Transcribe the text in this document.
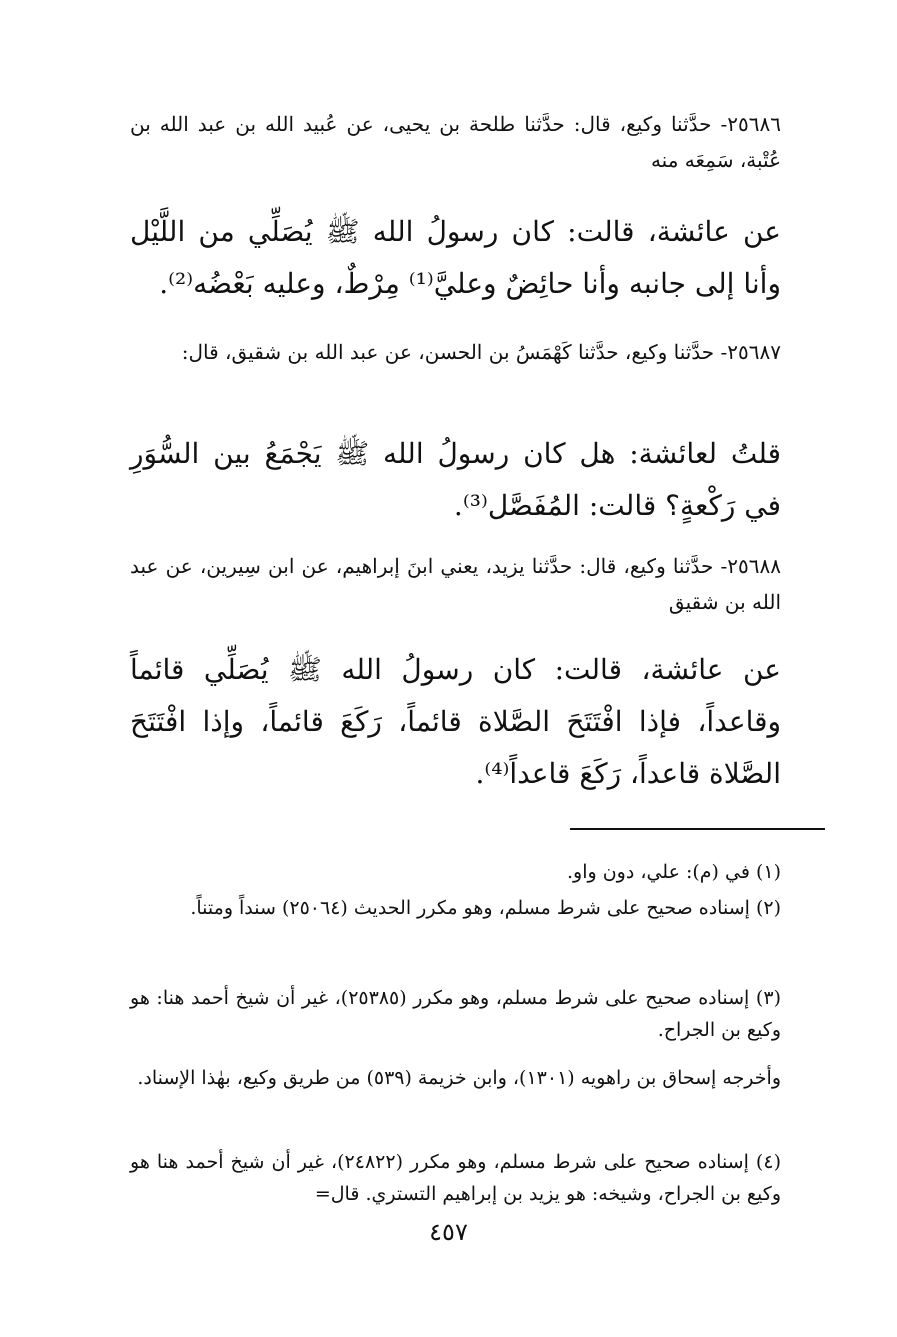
٢٥٦٨٦- حدَّثنا وكيع، قال: حدَّثنا طلحة بن يحيى، عن عُبيد الله بن عبد الله بن عُتْبة، سَمِعَه منه

عن عائشة، قالت: كان رسولُ الله ﷺ يُصَلِّي من اللَّيْل وأنا إلى جانبه وأنا حائِضٌ وعليَّ⁽¹⁾ مِرْطٌ، وعليه بَعْضُه⁽²⁾.

٢٥٦٨٧- حدَّثنا وكيع، حدَّثنا كَهْمَسُ بن الحسن، عن عبد الله بن شقيق، قال:

قلتُ لعائشة: هل كان رسولُ الله ﷺ يَجْمَعُ بين السُّوَرِ في رَكْعةٍ؟ قالت: المُفَصَّل⁽³⁾.

٢٥٦٨٨- حدَّثنا وكيع، قال: حدَّثنا يزيد، يعني ابنَ إبراهيم، عن ابن سِيرين، عن عبد الله بن شقيق

عن عائشة، قالت: كان رسولُ الله ﷺ يُصَلِّي قائماً وقاعداً، فإذا افْتَتَحَ الصَّلاة قائماً، رَكَعَ قائماً، وإذا افْتَتَحَ الصَّلاة قاعداً، رَكَعَ قاعداً⁽⁴⁾.

(١) في (م): علي، دون واو.

(٢) إسناده صحيح على شرط مسلم، وهو مكرر الحديث (٢٥٠٦٤) سنداً ومتناً.

(٣) إسناده صحيح على شرط مسلم، وهو مكرر (٢٥٣٨٥)، غير أن شيخ أحمد هنا: هو وكيع بن الجراح.

وأخرجه إسحاق بن راهويه (١٣٠١)، وابن خزيمة (٥٣٩) من طريق وكيع، بهٰذا الإسناد.

(٤) إسناده صحيح على شرط مسلم، وهو مكرر (٢٤٨٢٢)، غير أن شيخ أحمد هنا هو وكيع بن الجراح، وشيخه: هو يزيد بن إبراهيم التستري. قال=

٤٥٧
